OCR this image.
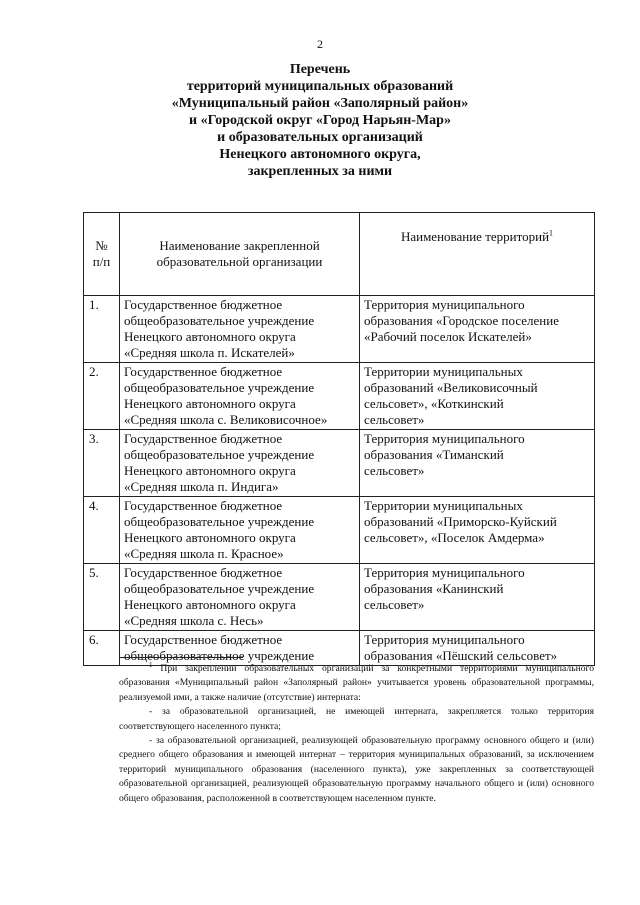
2
Перечень
территорий муниципальных образований
«Муниципальный район «Заполярный район»
и «Городской округ «Город Нарьян-Мар»
и образовательных организаций
Ненецкого автономного округа,
закрепленных за ними
№
п/п	Наименование закрепленной
образовательной организации	Наименование территорий$^1$
1.	Государственное бюджетное
общеобразовательное учреждение
Ненецкого автономного округа
«Средняя школа п. Искателей»	Территория муниципального
образования «Городское поселение
«Рабочий поселок Искателей»

2.	Государственное бюджетное
общеобразовательное учреждение
Ненецкого автономного округа
«Средняя школа с. Великовисочное»	Территории муниципальных
образований «Великовисочный
сельсовет», «Коткинский
сельсовет»

3.	Государственное бюджетное
общеобразовательное учреждение
Ненецкого автономного округа
«Средняя школа п. Индига»	Территория муниципального
образования «Тиманский
сельсовет»

4.	Государственное бюджетное
общеобразовательное учреждение
Ненецкого автономного округа
«Средняя школа п. Красное»	Территории муниципальных
образований «Приморско-Куйский
сельсовет», «Поселок Амдерма»

5.	Государственное бюджетное
общеобразовательное учреждение
Ненецкого автономного округа
«Средняя школа с. Несь»	Территория муниципального
образования «Канинский
сельсовет»

6.	Государственное бюджетное
общеобразовательное учреждение	Территория муниципального
образования «Пёшский сельсовет»

$^1$ При закреплении образовательных организаций за конкретными территориями муниципального образования «Муниципальный район «Заполярный район» учитывается уровень образовательной программы, реализуемой ими, а также наличие (отсутствие) интерната:

- за образовательной организацией, не имеющей интерната, закрепляется только территория соответствующего населенного пункта;

- за образовательной организацией, реализующей образовательную программу основного общего и (или) среднего общего образования и имеющей интернат – территория муниципальных образований, за исключением территорий муниципального образования (населенного пункта), уже закрепленных за соответствующей образовательной организацией, реализующей образовательную программу начального общего и (или) основного общего образования, расположенной в соответствующем населенном пункте.
